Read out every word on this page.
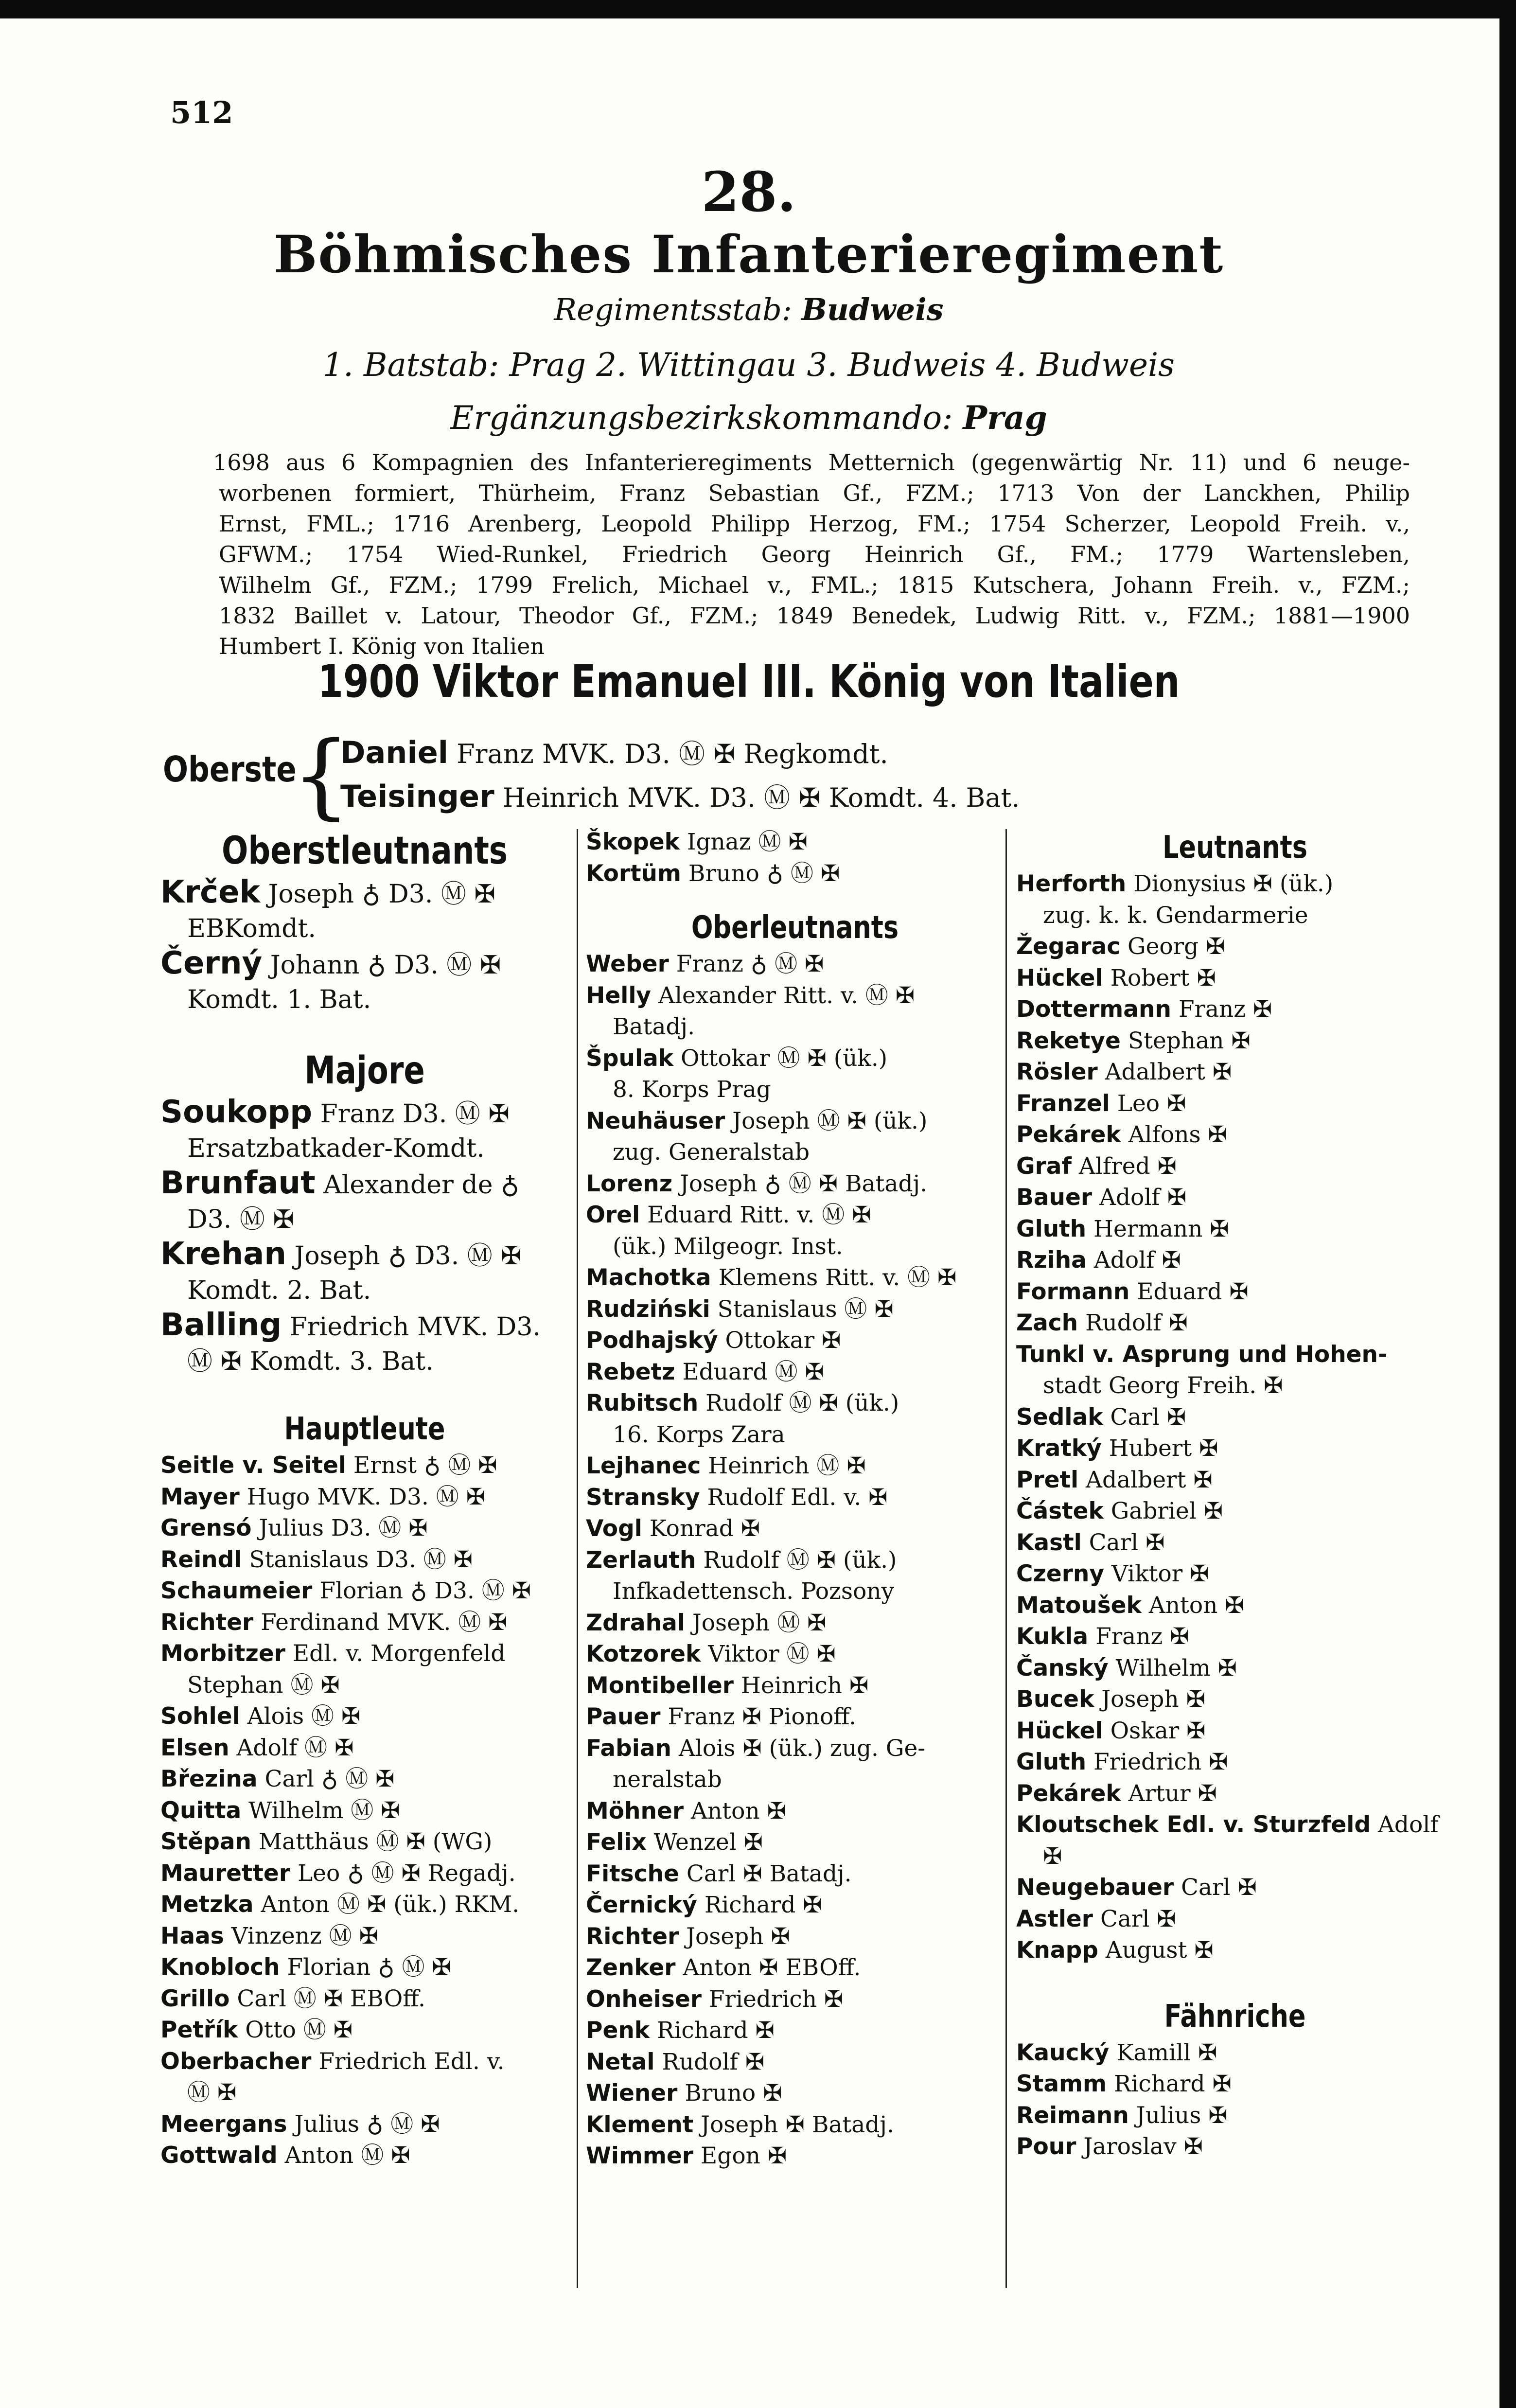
512
28.
Böhmisches Infanterieregiment
Regimentsstab: Budweis
1. Batstab: Prag 2. Wittingau 3. Budweis 4. Budweis
Ergänzungsbezirkskommando: Prag
1698 aus 6 Kompagnien des Infanterieregiments Metternich (gegenwärtig Nr. 11) und 6 neuge-
worbenen formiert, Thürheim, Franz Sebastian Gf., FZM.; 1713 Von der Lanckhen, Philip
Ernst, FML.; 1716 Arenberg, Leopold Philipp Herzog, FM.; 1754 Scherzer, Leopold Freih. v.,
GFWM.; 1754 Wied-Runkel, Friedrich Georg Heinrich Gf., FM.; 1779 Wartensleben,
Wilhelm Gf., FZM.; 1799 Frelich, Michael v., FML.; 1815 Kutschera, Johann Freih. v., FZM.;
1832 Baillet v. Latour, Theodor Gf., FZM.; 1849 Benedek, Ludwig Ritt. v., FZM.; 1881—1900
Humbert I. König von Italien
1900 Viktor Emanuel III. König von Italien
Oberste
{
Daniel Franz MVK. D3. Ⓜ ✠ Regkomdt.
Teisinger Heinrich MVK. D3. Ⓜ ✠ Komdt. 4. Bat.
Oberstleutnants
Krček Joseph ♁ D3. Ⓜ ✠
EBKomdt.
Černý Johann ♁ D3. Ⓜ ✠
Komdt. 1. Bat.
Majore
Soukopp Franz D3. Ⓜ ✠
Ersatzbatkader-Komdt.
Brunfaut Alexander de ♁
D3. Ⓜ ✠
Krehan Joseph ♁ D3. Ⓜ ✠
Komdt. 2. Bat.
Balling Friedrich MVK. D3.
Ⓜ ✠ Komdt. 3. Bat.
Hauptleute
Seitle v. Seitel Ernst ♁ Ⓜ ✠
Mayer Hugo MVK. D3. Ⓜ ✠
Grensó Julius D3. Ⓜ ✠
Reindl Stanislaus D3. Ⓜ ✠
Schaumeier Florian ♁ D3. Ⓜ ✠
Richter Ferdinand MVK. Ⓜ ✠
Morbitzer Edl. v. Morgenfeld
Stephan Ⓜ ✠
Sohlel Alois Ⓜ ✠
Elsen Adolf Ⓜ ✠
Březina Carl ♁ Ⓜ ✠
Quitta Wilhelm Ⓜ ✠
Stěpan Matthäus Ⓜ ✠ (WG)
Mauretter Leo ♁ Ⓜ ✠ Regadj.
Metzka Anton Ⓜ ✠ (ük.) RKM.
Haas Vinzenz Ⓜ ✠
Knobloch Florian ♁ Ⓜ ✠
Grillo Carl Ⓜ ✠ EBOff.
Petřík Otto Ⓜ ✠
Oberbacher Friedrich Edl. v.
Ⓜ ✠
Meergans Julius ♁ Ⓜ ✠
Gottwald Anton Ⓜ ✠
Škopek Ignaz Ⓜ ✠
Kortüm Bruno ♁ Ⓜ ✠
Oberleutnants
Weber Franz ♁ Ⓜ ✠
Helly Alexander Ritt. v. Ⓜ ✠
Batadj.
Špulak Ottokar Ⓜ ✠ (ük.)
8. Korps Prag
Neuhäuser Joseph Ⓜ ✠ (ük.)
zug. Generalstab
Lorenz Joseph ♁ Ⓜ ✠ Batadj.
Orel Eduard Ritt. v. Ⓜ ✠
(ük.) Milgeogr. Inst.
Machotka Klemens Ritt. v. Ⓜ ✠
Rudziński Stanislaus Ⓜ ✠
Podhajský Ottokar ✠
Rebetz Eduard Ⓜ ✠
Rubitsch Rudolf Ⓜ ✠ (ük.)
16. Korps Zara
Lejhanec Heinrich Ⓜ ✠
Stransky Rudolf Edl. v. ✠
Vogl Konrad ✠
Zerlauth Rudolf Ⓜ ✠ (ük.)
Infkadettensch. Pozsony
Zdrahal Joseph Ⓜ ✠
Kotzorek Viktor Ⓜ ✠
Montibeller Heinrich ✠
Pauer Franz ✠ Pionoff.
Fabian Alois ✠ (ük.) zug. Ge-
neralstab
Möhner Anton ✠
Felix Wenzel ✠
Fitsche Carl ✠ Batadj.
Černický Richard ✠
Richter Joseph ✠
Zenker Anton ✠ EBOff.
Onheiser Friedrich ✠
Penk Richard ✠
Netal Rudolf ✠
Wiener Bruno ✠
Klement Joseph ✠ Batadj.
Wimmer Egon ✠
Leutnants
Herforth Dionysius ✠ (ük.)
zug. k. k. Gendarmerie
Žegarac Georg ✠
Hückel Robert ✠
Dottermann Franz ✠
Reketye Stephan ✠
Rösler Adalbert ✠
Franzel Leo ✠
Pekárek Alfons ✠
Graf Alfred ✠
Bauer Adolf ✠
Gluth Hermann ✠
Rziha Adolf ✠
Formann Eduard ✠
Zach Rudolf ✠
Tunkl v. Asprung und Hohen-
stadt Georg Freih. ✠
Sedlak Carl ✠
Kratký Hubert ✠
Pretl Adalbert ✠
Částek Gabriel ✠
Kastl Carl ✠
Czerny Viktor ✠
Matoušek Anton ✠
Kukla Franz ✠
Čanský Wilhelm ✠
Bucek Joseph ✠
Hückel Oskar ✠
Gluth Friedrich ✠
Pekárek Artur ✠
Kloutschek Edl. v. Sturzfeld Adolf
✠
Neugebauer Carl ✠
Astler Carl ✠
Knapp August ✠
Fähnriche
Kaucký Kamill ✠
Stamm Richard ✠
Reimann Julius ✠
Pour Jaroslav ✠
